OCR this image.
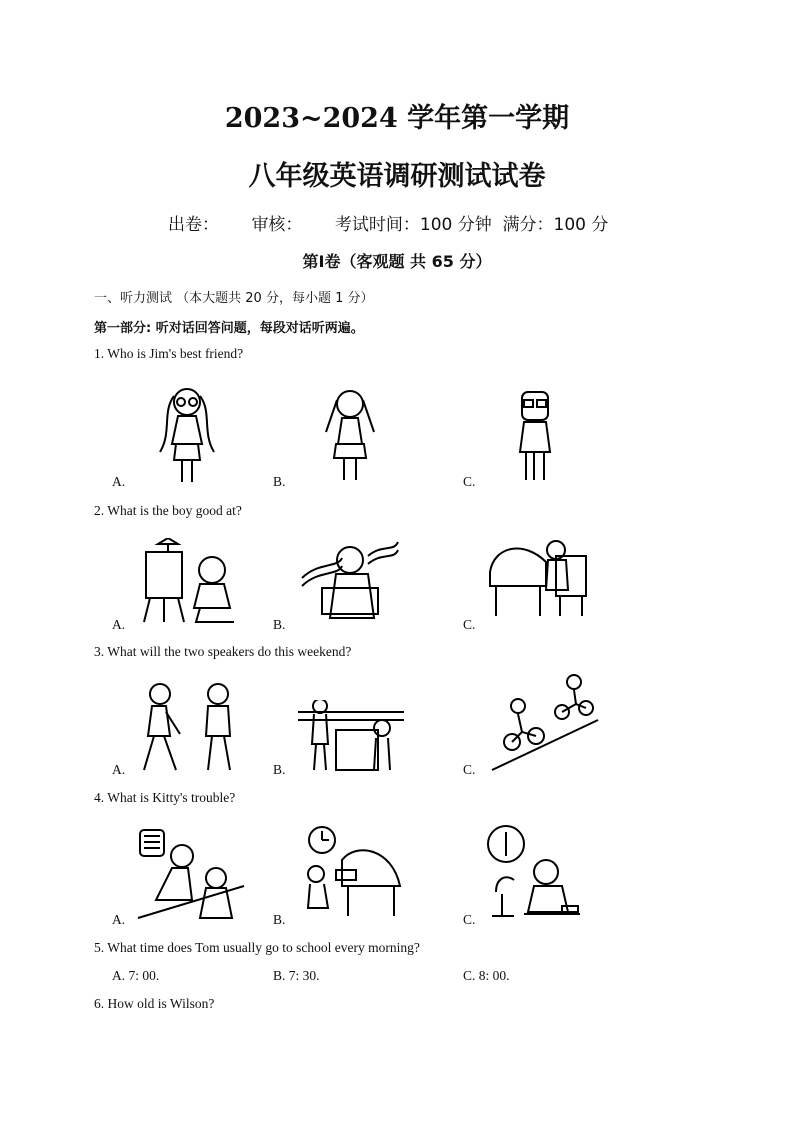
2023~2024 学年第一学期
八年级英语调研测试试卷
出卷： 审核： 考试时间：100 分钟 满分：100 分
第Ⅰ卷（客观题 共 65 分）
一、听力测试 （本大题共 20 分，每小题 1 分）
第一部分: 听对话回答问题，每段对话听两遍。
1. Who is Jim's best friend?
A.	B.	C.
2. What is the boy good at?
A.	B.	C.
3. What will the two speakers do this weekend?
A.	B.	C.
4. What is Kitty's trouble?
A.	B.	C.
5. What time does Tom usually go to school every morning?
A. 7: 00.	B. 7: 30.	C. 8: 00.
6. How old is Wilson?
